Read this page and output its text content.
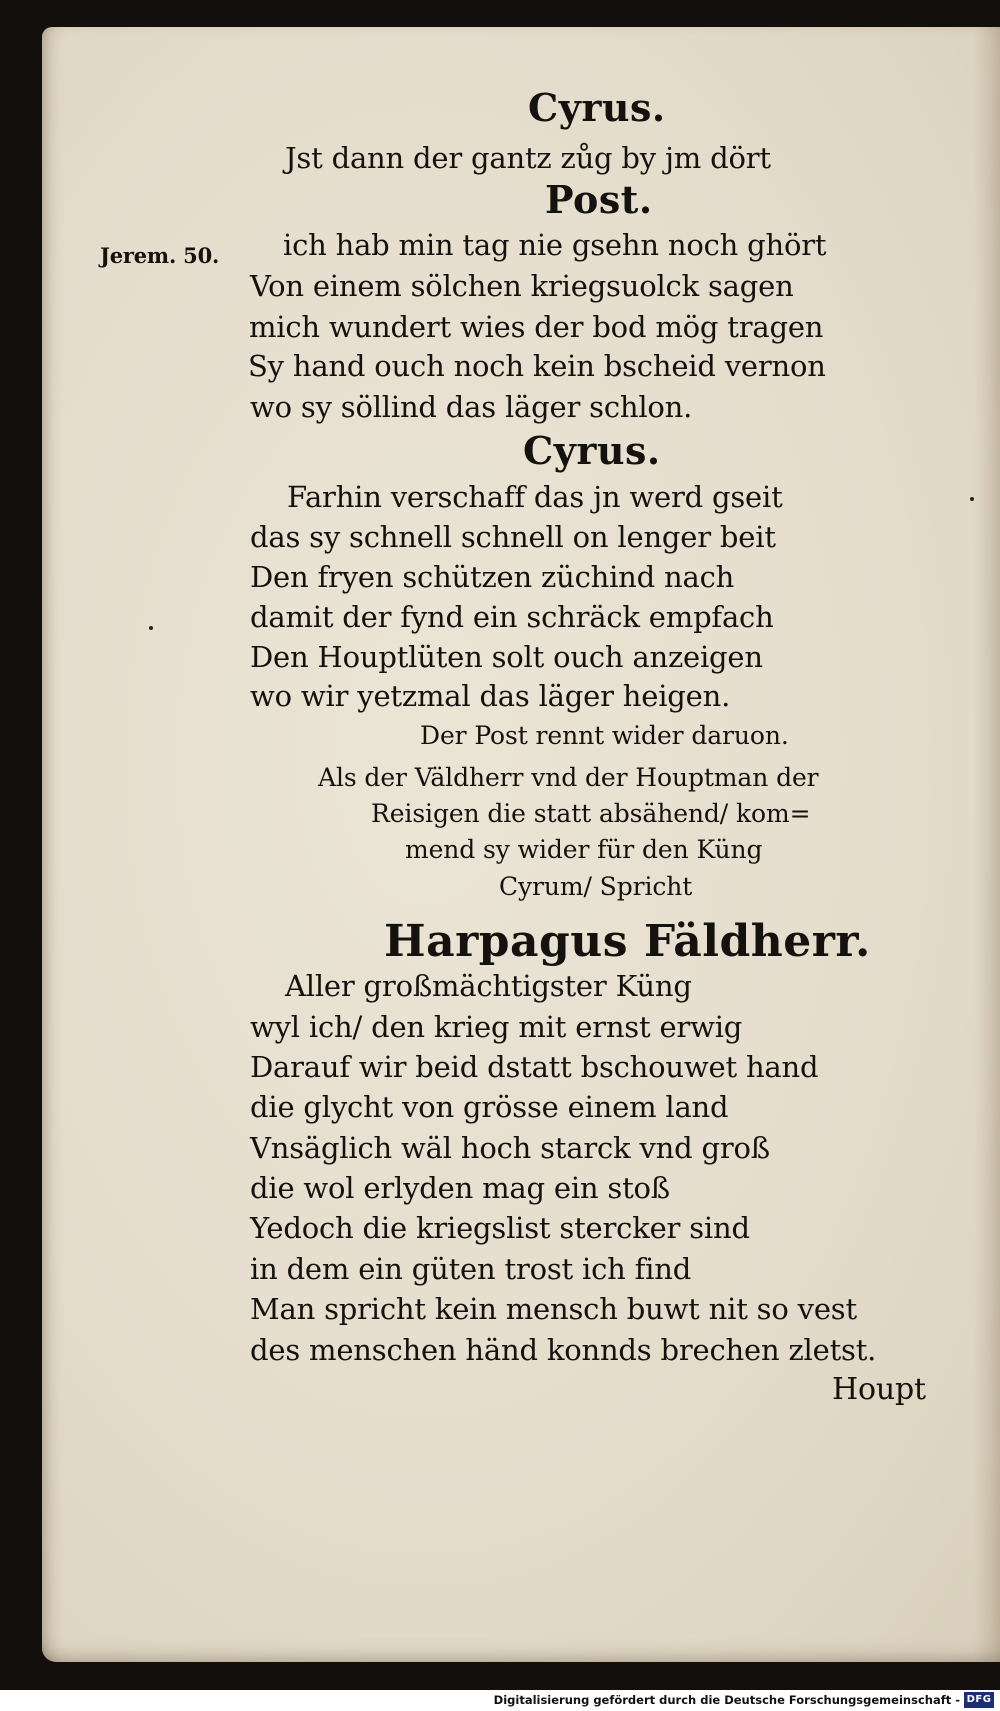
Jerem. 50.
Cyrus.
Jst dann der gantz zůg by jm dört
Post.
ich hab min tag nie gsehn noch ghört
Von einem sölchen kriegsuolck sagen
mich wundert wies der bod mög tragen
Sy hand ouch noch kein bscheid vernon
wo sy söllind das läger schlon.
Cyrus.
Farhin verschaff das jn werd gseit
das sy schnell schnell on lenger beit
Den fryen schützen züchind nach
damit der fynd ein schräck empfach
Den Houptlüten solt ouch anzeigen
wo wir yetzmal das läger heigen.
Der Post rennt wider daruon.
Als der Väldherr vnd der Houptman der
Reisigen die statt absähend/ kom=
mend sy wider für den Küng
Cyrum/ Spricht
Harpagus Fäldherr.
Aller großmächtigster Küng
wyl ich/ den krieg mit ernst erwig
Darauf wir beid dstatt bschouwet hand
die glycht von grösse einem land
Vnsäglich wäl hoch starck vnd groß
die wol erlyden mag ein stoß
Yedoch die kriegslist stercker sind
in dem ein güten trost ich find
Man spricht kein mensch buwt nit so vest
des menschen händ konnds brechen zletst.
Houpt
Digitalisierung gefördert durch die Deutsche Forschungsgemeinschaft - DFG
